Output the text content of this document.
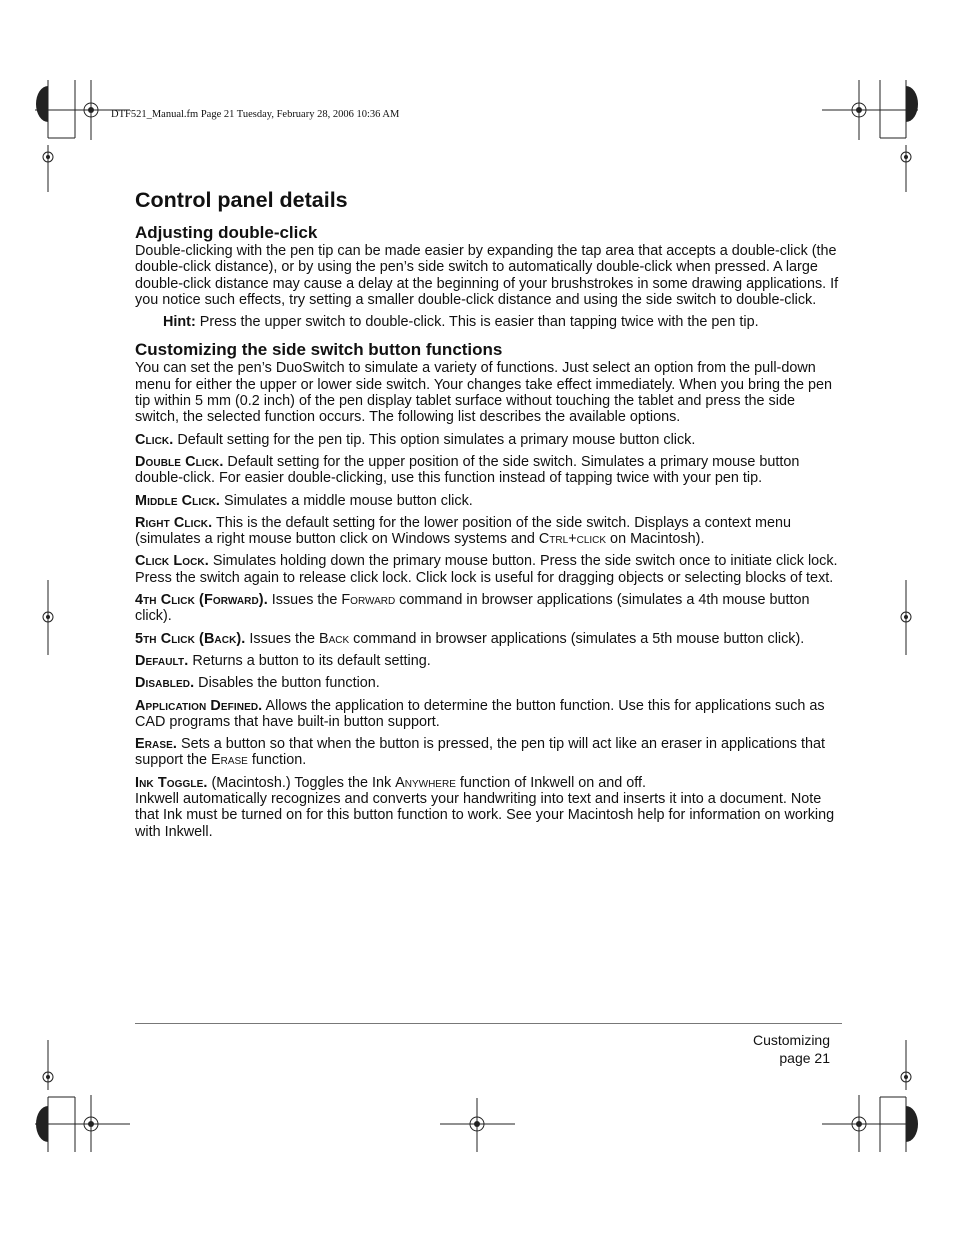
DTF521_Manual.fm Page 21 Tuesday, February 28, 2006 10:36 AM
Control panel details
Adjusting double-click

Double-clicking with the pen tip can be made easier by expanding the tap area that accepts a double-click (the double-click distance), or by using the pen’s side switch to automatically double-click when pressed. A large double-click distance may cause a delay at the beginning of your brushstrokes in some drawing applications. If you notice such effects, try setting a smaller double-click distance and using the side switch to double-click.

Hint: Press the upper switch to double-click. This is easier than tapping twice with the pen tip.

Customizing the side switch button functions

You can set the pen’s DuoSwitch to simulate a variety of functions. Just select an option from the pull-down menu for either the upper or lower side switch. Your changes take effect immediately. When you bring the pen tip within 5 mm (0.2 inch) of the pen display tablet surface without touching the tablet and press the side switch, the selected function occurs. The following list describes the available options.

Click. Default setting for the pen tip. This option simulates a primary mouse button click.

Double Click. Default setting for the upper position of the side switch. Simulates a primary mouse button double-click. For easier double-clicking, use this function instead of tapping twice with your pen tip.

Middle Click. Simulates a middle mouse button click.

Right Click. This is the default setting for the lower position of the side switch. Displays a context menu (simulates a right mouse button click on Windows systems and Ctrl+click on Macintosh).

Click Lock. Simulates holding down the primary mouse button. Press the side switch once to initiate click lock. Press the switch again to release click lock. Click lock is useful for dragging objects or selecting blocks of text.

4th Click (Forward). Issues the Forward command in browser applications (simulates a 4th mouse button click).

5th Click (Back). Issues the Back command in browser applications (simulates a 5th mouse button click).

Default. Returns a button to its default setting.

Disabled. Disables the button function.

Application Defined. Allows the application to determine the button function. Use this for applications such as CAD programs that have built-in button support.

Erase. Sets a button so that when the button is pressed, the pen tip will act like an eraser in applications that support the Erase function.

Ink Toggle. (Macintosh.) Toggles the Ink Anywhere function of Inkwell on and off.

Inkwell automatically recognizes and converts your handwriting into text and inserts it into a document. Note that Ink must be turned on for this button function to work. See your Macintosh help for information on working with Inkwell.

Customizing
page 21
